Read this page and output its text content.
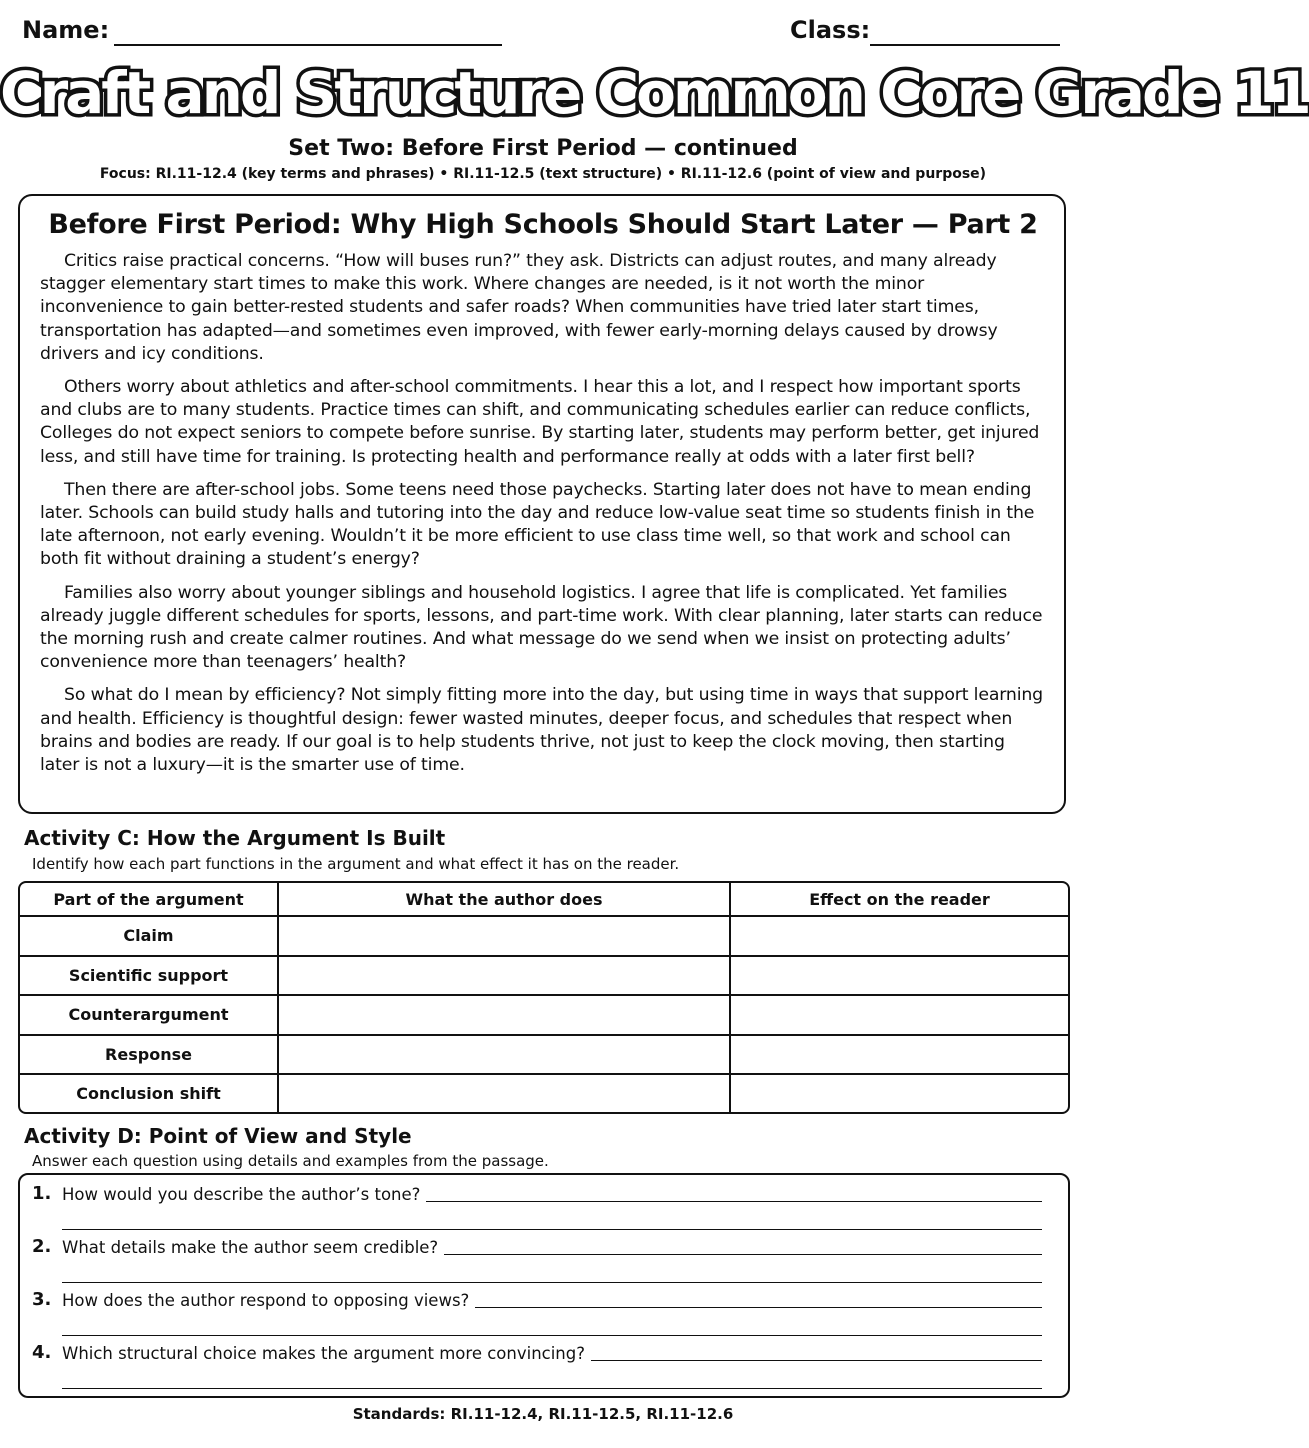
Name:	Class:
Craft and Structure Common Core Grade 11
Set Two: Before First Period — continued
Focus: RI.11-12.4 (key terms and phrases) • RI.11-12.5 (text structure) • RI.11-12.6 (point of view and purpose)
Before First Period: Why High Schools Should Start Later — Part 2

Critics raise practical concerns. “How will buses run?” they ask. Districts can adjust routes, and many already stagger elementary start times to make this work. Where changes are needed, is it not worth the minor inconvenience to gain better-rested students and safer roads? When communities have tried later start times, transportation has adapted—and sometimes even improved, with fewer early-morning delays caused by drowsy drivers and icy conditions.

Others worry about athletics and after-school commitments. I hear this a lot, and I respect how important sports and clubs are to many students. Practice times can shift, and communicating schedules earlier can reduce conflicts, Colleges do not expect seniors to compete before sunrise. By starting later, students may perform better, get injured less, and still have time for training. Is protecting health and performance really at odds with a later first bell?

Then there are after-school jobs. Some teens need those paychecks. Starting later does not have to mean ending later. Schools can build study halls and tutoring into the day and reduce low-value seat time so students finish in the late afternoon, not early evening. Wouldn’t it be more efficient to use class time well, so that work and school can both fit without draining a student’s energy?

Families also worry about younger siblings and household logistics. I agree that life is complicated. Yet families already juggle different schedules for sports, lessons, and part-time work. With clear planning, later starts can reduce the morning rush and create calmer routines. And what message do we send when we insist on protecting adults’ convenience more than teenagers’ health?

So what do I mean by efficiency? Not simply fitting more into the day, but using time in ways that support learning and health. Efficiency is thoughtful design: fewer wasted minutes, deeper focus, and schedules that respect when brains and bodies are ready. If our goal is to help students thrive, not just to keep the clock moving, then starting later is not a luxury—it is the smarter use of time.

Activity C: How the Argument Is Built
Identify how each part functions in the argument and what effect it has on the reader.
Part of the argument	What the author does	Effect on the reader
Claim		
Scientific support		
Counterargument		
Response		
Conclusion shift		
Activity D: Point of View and Style
Answer each question using details and examples from the passage.
1. How would you describe the author’s tone?
2. What details make the author seem credible?
3. How does the author respond to opposing views?
4. Which structural choice makes the argument more convincing?
Standards: RI.11-12.4, RI.11-12.5, RI.11-12.6
